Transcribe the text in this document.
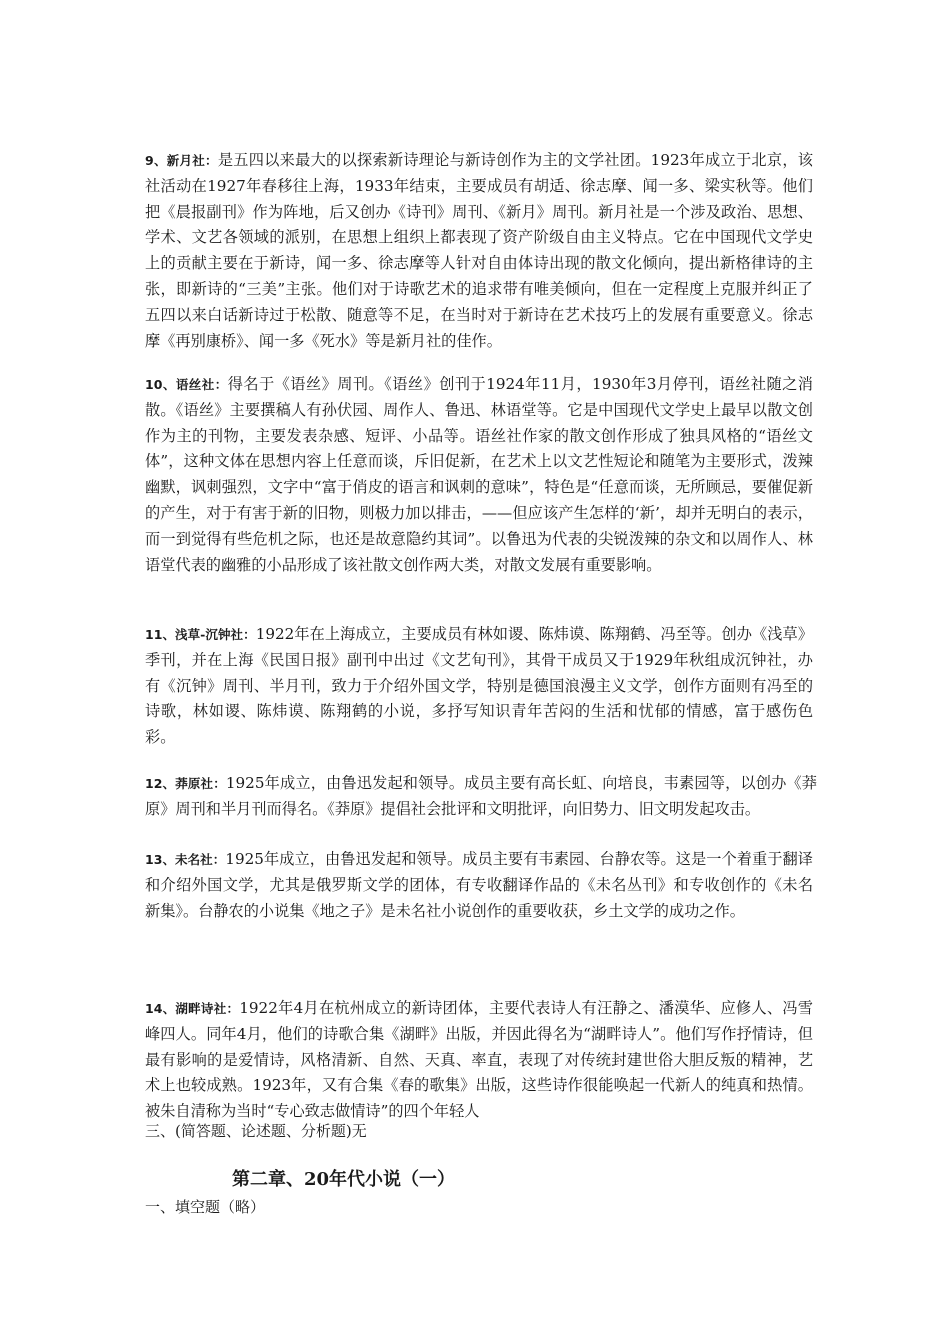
9、新月社：是五四以来最大的以探索新诗理论与新诗创作为主的文学社团。1923年成立于北京，该社活动在1927年春移往上海，1933年结束，主要成员有胡适、徐志摩、闻一多、梁实秋等。他们把《晨报副刊》作为阵地，后又创办《诗刊》周刊、《新月》周刊。新月社是一个涉及政治、思想、学术、文艺各领域的派别，在思想上组织上都表现了资产阶级自由主义特点。它在中国现代文学史上的贡献主要在于新诗，闻一多、徐志摩等人针对自由体诗出现的散文化倾向，提出新格律诗的主张，即新诗的“三美”主张。他们对于诗歌艺术的追求带有唯美倾向，但在一定程度上克服并纠正了五四以来白话新诗过于松散、随意等不足，在当时对于新诗在艺术技巧上的发展有重要意义。徐志摩《再别康桥》、闻一多《死水》等是新月社的佳作。

10、语丝社：得名于《语丝》周刊。《语丝》创刊于1924年11月，1930年3月停刊，语丝社随之消散。《语丝》主要撰稿人有孙伏园、周作人、鲁迅、林语堂等。它是中国现代文学史上最早以散文创作为主的刊物，主要发表杂感、短评、小品等。语丝社作家的散文创作形成了独具风格的“语丝文体”，这种文体在思想内容上任意而谈，斥旧促新，在艺术上以文艺性短论和随笔为主要形式，泼辣幽默，讽刺强烈，文字中“富于俏皮的语言和讽刺的意味”，特色是“任意而谈，无所顾忌，要催促新的产生，对于有害于新的旧物，则极力加以排击，——但应该产生怎样的‘新’，却并无明白的表示，而一到觉得有些危机之际，也还是故意隐约其词”。以鲁迅为代表的尖锐泼辣的杂文和以周作人、林语堂代表的幽雅的小品形成了该社散文创作两大类，对散文发展有重要影响。

11、浅草-沉钟社：1922年在上海成立，主要成员有林如谡、陈炜谟、陈翔鹤、冯至等。创办《浅草》季刊，并在上海《民国日报》副刊中出过《文艺旬刊》，其骨干成员又于1929年秋组成沉钟社，办有《沉钟》周刊、半月刊，致力于介绍外国文学，特别是德国浪漫主义文学，创作方面则有冯至的诗歌，林如谡、陈炜谟、陈翔鹤的小说，多抒写知识青年苦闷的生活和忧郁的情感，富于感伤色彩。

12、莽原社：1925年成立，由鲁迅发起和领导。成员主要有高长虹、向培良，韦素园等，以创办《莽原》周刊和半月刊而得名。《莽原》提倡社会批评和文明批评，向旧势力、旧文明发起攻击。

13、未名社：1925年成立，由鲁迅发起和领导。成员主要有韦素园、台静农等。这是一个着重于翻译和介绍外国文学，尤其是俄罗斯文学的团体，有专收翻译作品的《未名丛刊》和专收创作的《未名新集》。台静农的小说集《地之子》是未名社小说创作的重要收获，乡土文学的成功之作。

14、湖畔诗社：1922年4月在杭州成立的新诗团体，主要代表诗人有汪静之、潘漠华、应修人、冯雪峰四人。同年4月，他们的诗歌合集《湖畔》出版，并因此得名为“湖畔诗人”。他们写作抒情诗，但最有影响的是爱情诗，风格清新、自然、天真、率直，表现了对传统封建世俗大胆反叛的精神，艺术上也较成熟。1923年，又有合集《春的歌集》出版，这些诗作很能唤起一代新人的纯真和热情。被朱自清称为当时“专心致志做情诗”的四个年轻人

三、(简答题、论述题、分析题)无

第二章、20年代小说（一）

一、填空题（略）
